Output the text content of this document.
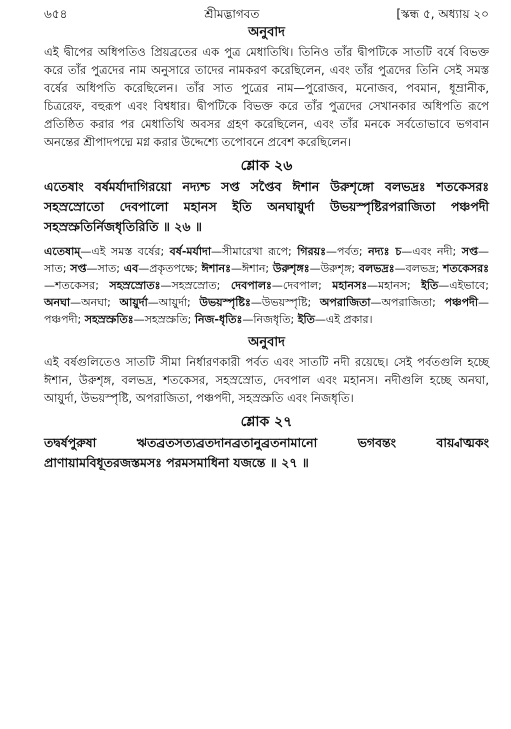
৬৫৪	শ্রীমদ্ভাগবত	[স্কন্ধ ৫, অধ্যায় ২০
অনুবাদ

এই দ্বীপের অধিপতিও প্রিয়ব্রতের এক পুত্র মেধাতিথি। তিনিও তাঁর দ্বীপটিকে সাতটি বর্ষে বিভক্ত করে তাঁর পুত্রদের নাম অনুসারে তাদের নামকরণ করেছিলেন, এবং তাঁর পুত্রদের তিনি সেই সমস্ত বর্ষের অধিপতি করেছিলেন। তাঁর সাত পুত্রের নাম—পুরোজব, মনোজব, পবমান, ধূম্রানীক, চিত্ররেফ, বহুরূপ এবং বিশ্বধার। দ্বীপটিকে বিভক্ত করে তাঁর পুত্রদের সেখানকার অধিপতি রূপে প্রতিষ্ঠিত করার পর মেধাতিথি অবসর গ্রহণ করেছিলেন, এবং তাঁর মনকে সর্বতোভাবে ভগবান অনন্তের শ্রীপাদপদ্মে মগ্ন করার উদ্দেশ্যে তপোবনে প্রবেশ করেছিলেন।

শ্লোক ২৬

এতেষাং বর্ষমর্যাদাগিরয়ো নদ্যশ্চ সপ্ত সপ্তৈব ঈশান উরুশৃঙ্গো বলভদ্রঃ শতকেসরঃ সহস্রস্রোতো দেবপালো মহানস ইতি অনঘায়ুর্দা উভয়স্পৃষ্টিরপরাজিতা পঞ্চপদী সহস্রস্রুতির্নিজধৃতিরিতি ॥ ২৬ ॥

এতেষাম্—এই সমস্ত বর্ষের; বর্ষ-মর্যাদা—সীমারেখা রূপে; গিরয়ঃ—পর্বত; নদ্যঃ চ—এবং নদী; সপ্ত—সাত; সপ্ত—সাত; এব—প্রকৃতপক্ষে; ঈশানঃ—ঈশান; উরুশৃঙ্গঃ—উরুশৃঙ্গ; বলভদ্রঃ—বলভদ্র; শতকেসরঃ—শতকেসর; সহস্রস্রোতঃ—সহস্রস্রোত; দেবপালঃ—দেবপাল; মহানসঃ—মহানস; ইতি—এইভাবে; অনঘা—অনঘা; আয়ুর্দা—আয়ুর্দা; উভয়স্পৃষ্টিঃ—উভয়স্পৃষ্টি; অপরাজিতা—অপরাজিতা; পঞ্চপদী—পঞ্চপদী; সহস্রস্রুতিঃ—সহস্রস্রুতি; নিজ-ধৃতিঃ—নিজধৃতি; ইতি—এই প্রকার।

অনুবাদ

এই বর্ষগুলিতেও সাতটি সীমা নির্ধারণকারী পর্বত এবং সাতটি নদী রয়েছে। সেই পর্বতগুলি হচ্ছে ঈশান, উরুশৃঙ্গ, বলভদ্র, শতকেসর, সহস্রস্রোত, দেবপাল এবং মহানস। নদীগুলি হচ্ছে অনঘা, আয়ুর্দা, উভয়স্পৃষ্টি, অপরাজিতা, পঞ্চপদী, সহস্রস্রুতি এবং নিজধৃতি।

শ্লোক ২৭

তদ্বর্ষপুরুষা ঋতব্রতসত্যব্রতদানব্রতানুব্রতনামানো ভগবন্তং বায়্বাত্মকং প্রাণায়ামবিধূতরজস্তমসঃ পরমসমাধিনা যজন্তে ॥ ২৭ ॥
